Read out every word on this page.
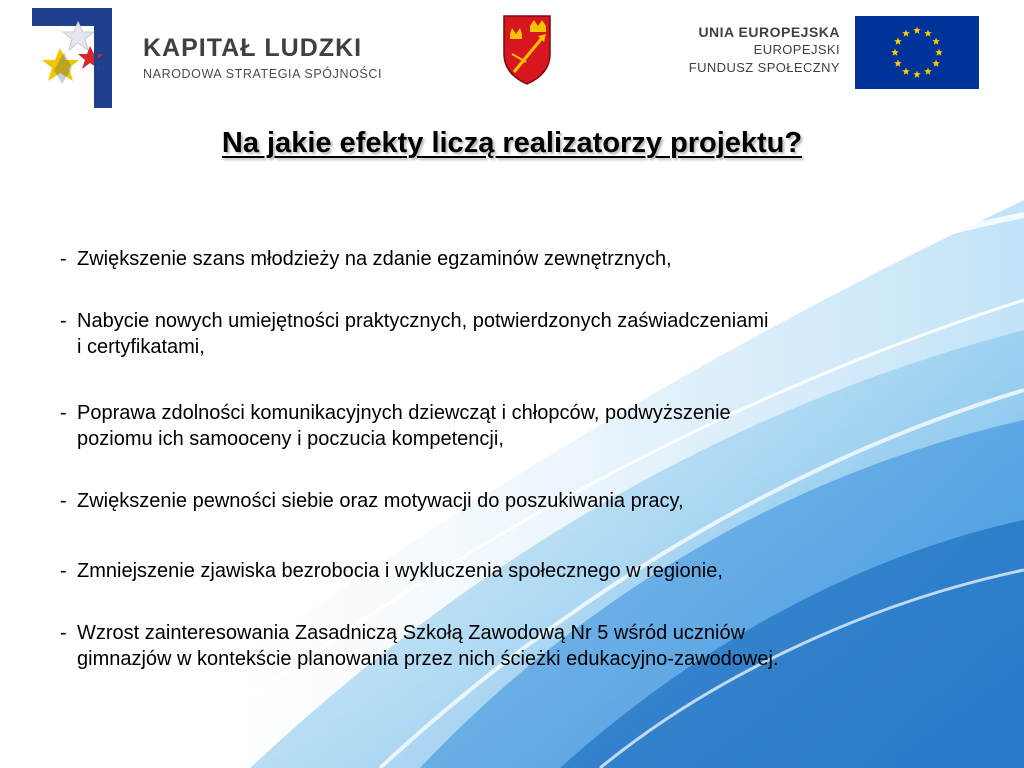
KAPITAŁ LUDZKI
NARODOWA STRATEGIA SPÓJNOŚCI
UNIA EUROPEJSKA
EUROPEJSKI
FUNDUSZ SPOŁECZNY
Na jakie efekty liczą realizatorzy projektu?
- Zwiększenie szans młodzieży na zdanie egzaminów zewnętrznych,
- Nabycie nowych umiejętności praktycznych, potwierdzonych zaświadczeniami
i certyfikatami,
- Poprawa zdolności komunikacyjnych dziewcząt i chłopców, podwyższenie
poziomu ich samooceny i poczucia kompetencji,
- Zwiększenie pewności siebie oraz motywacji do poszukiwania pracy,
- Zmniejszenie zjawiska bezrobocia i wykluczenia społecznego w regionie,
- Wzrost zainteresowania Zasadniczą Szkołą Zawodową Nr 5 wśród uczniów
gimnazjów w kontekście planowania przez nich ścieżki edukacyjno-zawodowej.
